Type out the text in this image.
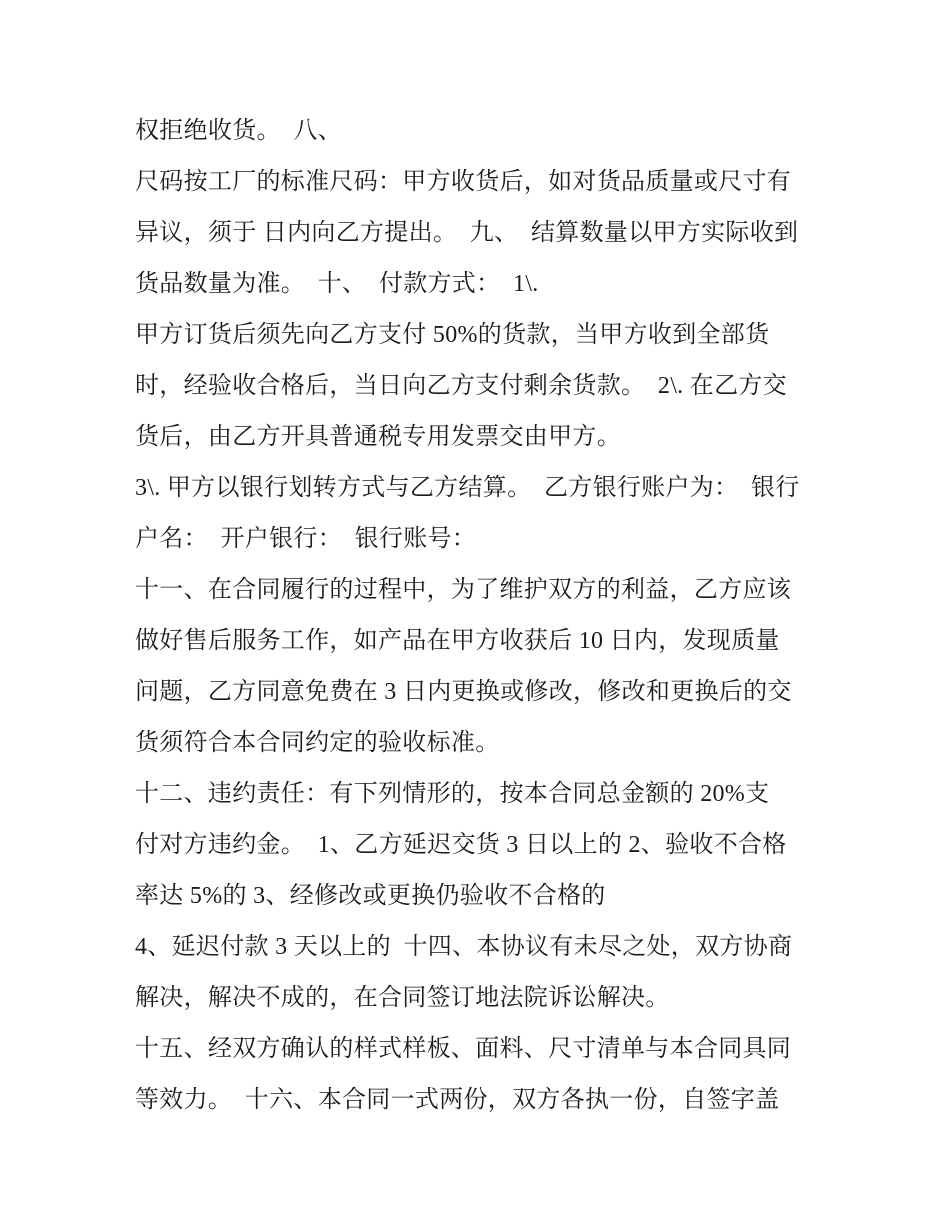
权拒绝收货。  八、
尺码按工厂的标准尺码：甲方收货后，如对货品质量或尺寸有
异议，须于 日内向乙方提出。  九、  结算数量以甲方实际收到
货品数量为准。  十、  付款方式：  1\.
甲方订货后须先向乙方支付 50%的货款，当甲方收到全部货
时，经验收合格后，当日向乙方支付剩余货款。  2\. 在乙方交
货后，由乙方开具普通税专用发票交由甲方。
3\. 甲方以银行划转方式与乙方结算。  乙方银行账户为：  银行
户名：  开户银行：  银行账号：
十一、在合同履行的过程中，为了维护双方的利益，乙方应该
做好售后服务工作，如产品在甲方收获后 10 日内，发现质量
问题，乙方同意免费在 3 日内更换或修改，修改和更换后的交
货须符合本合同约定的验收标准。
十二、违约责任：有下列情形的，按本合同总金额的 20%支
付对方违约金。  1、乙方延迟交货 3 日以上的 2、验收不合格
率达 5%的 3、经修改或更换仍验收不合格的
4、延迟付款 3 天以上的  十四、本协议有未尽之处，双方协商
解决，解决不成的，在合同签订地法院诉讼解决。
十五、经双方确认的样式样板、面料、尺寸清单与本合同具同
等效力。  十六、本合同一式两份，双方各执一份，自签字盖
